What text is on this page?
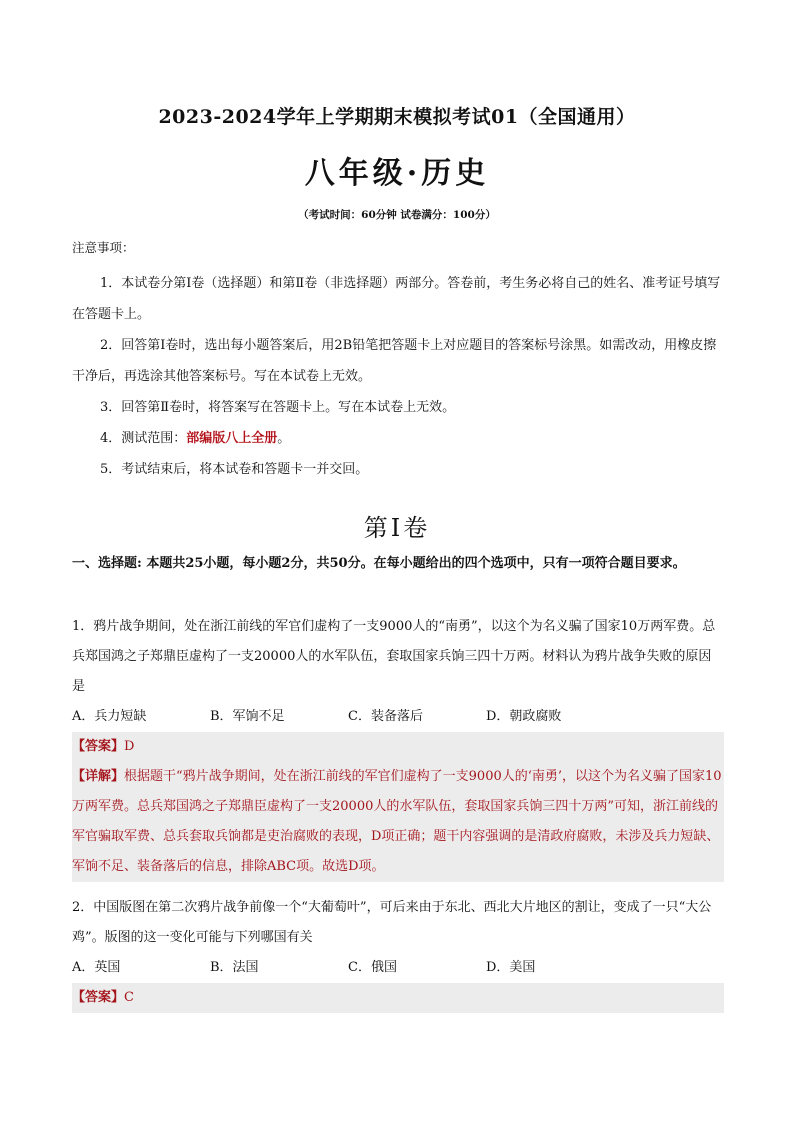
2023-2024学年上学期期末模拟考试01（全国通用）
八年级·历史
（考试时间：60分钟 试卷满分：100分）
注意事项：
1．本试卷分第Ⅰ卷（选择题）和第Ⅱ卷（非选择题）两部分。答卷前，考生务必将自己的姓名、准考证号填写在答题卡上。
2．回答第Ⅰ卷时，选出每小题答案后，用2B铅笔把答题卡上对应题目的答案标号涂黑。如需改动，用橡皮擦干净后，再选涂其他答案标号。写在本试卷上无效。
3．回答第Ⅱ卷时，将答案写在答题卡上。写在本试卷上无效。
4．测试范围：部编版八上全册。
5．考试结束后，将本试卷和答题卡一并交回。
第Ⅰ卷
一、选择题: 本题共25小题，每小题2分，共50分。在每小题给出的四个选项中，只有一项符合题目要求。
1．鸦片战争期间，处在浙江前线的军官们虚构了一支9000人的“南勇”，以这个为名义骗了国家10万两军费。总兵郑国鸿之子郑鼎臣虚构了一支20000人的水军队伍，套取国家兵饷三四十万两。材料认为鸦片战争失败的原因是
A．兵力短缺	B．军饷不足	C．装备落后	D．朝政腐败
【答案】D
【详解】根据题干“鸦片战争期间，处在浙江前线的军官们虚构了一支9000人的‘南勇’，以这个为名义骗了国家10万两军费。总兵郑国鸿之子郑鼎臣虚构了一支20000人的水军队伍，套取国家兵饷三四十万两”可知，浙江前线的军官骗取军费、总兵套取兵饷都是吏治腐败的表现，D项正确；题干内容强调的是清政府腐败，未涉及兵力短缺、军饷不足、装备落后的信息，排除ABC项。故选D项。
2．中国版图在第二次鸦片战争前像一个“大葡萄叶”，可后来由于东北、西北大片地区的割让，变成了一只“大公鸡”。版图的这一变化可能与下列哪国有关
A．英国	B．法国	C．俄国	D．美国
【答案】C
